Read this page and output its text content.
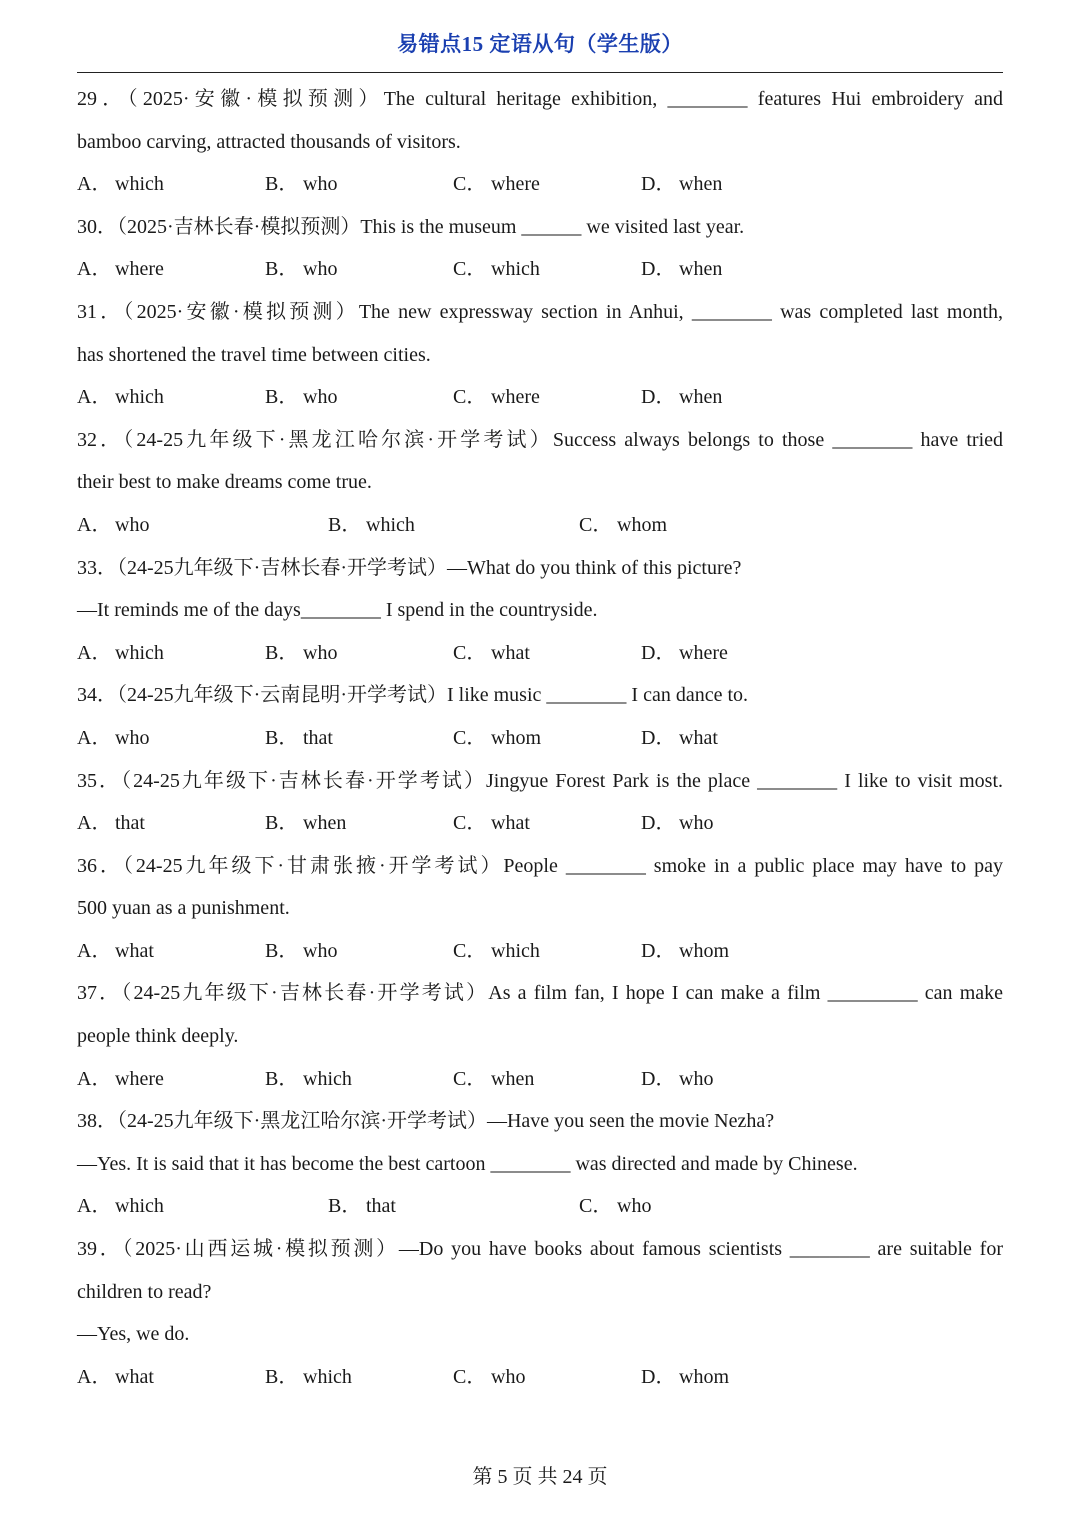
易错点15 定语从句（学生版）
29．（2025·安徽·模拟预测）The cultural heritage exhibition, ________ features Hui embroidery and
bamboo carving, attracted thousands of visitors.
A． which	B． who	C． where	D． when
30．（2025·吉林长春·模拟预测）This is the museum ______ we visited last year.
A． where	B． who	C． which	D． when
31．（2025·安徽·模拟预测）The new expressway section in Anhui, ________ was completed last month,
has shortened the travel time between cities.
A． which	B． who	C． where	D． when
32．（24-25九年级下·黑龙江哈尔滨·开学考试）Success always belongs to those ________ have tried
their best to make dreams come true.
A． who	B． which	C． whom
33．（24-25九年级下·吉林长春·开学考试）—What do you think of this picture?
—It reminds me of the days________ I spend in the countryside.
A． which	B． who	C． what	D． where
34．（24-25九年级下·云南昆明·开学考试）I like music ________ I can dance to.
A． who	B． that	C． whom	D． what
35．（24-25九年级下·吉林长春·开学考试）Jingyue Forest Park is the place ________ I like to visit most.
A． that	B． when	C． what	D． who
36．（24-25九年级下·甘肃张掖·开学考试）People ________ smoke in a public place may have to pay
500 yuan as a punishment.
A． what	B． who	C． which	D． whom
37．（24-25九年级下·吉林长春·开学考试）As a film fan, I hope I can make a film _________ can make
people think deeply.
A． where	B． which	C． when	D． who
38．（24-25九年级下·黑龙江哈尔滨·开学考试）—Have you seen the movie Nezha?
—Yes. It is said that it has become the best cartoon ________ was directed and made by Chinese.
A． which	B． that	C． who
39．（2025·山西运城·模拟预测）—Do you have books about famous scientists ________ are suitable for
children to read?
—Yes, we do.
A． what	B． which	C． who	D． whom
第 5 页 共 24 页
